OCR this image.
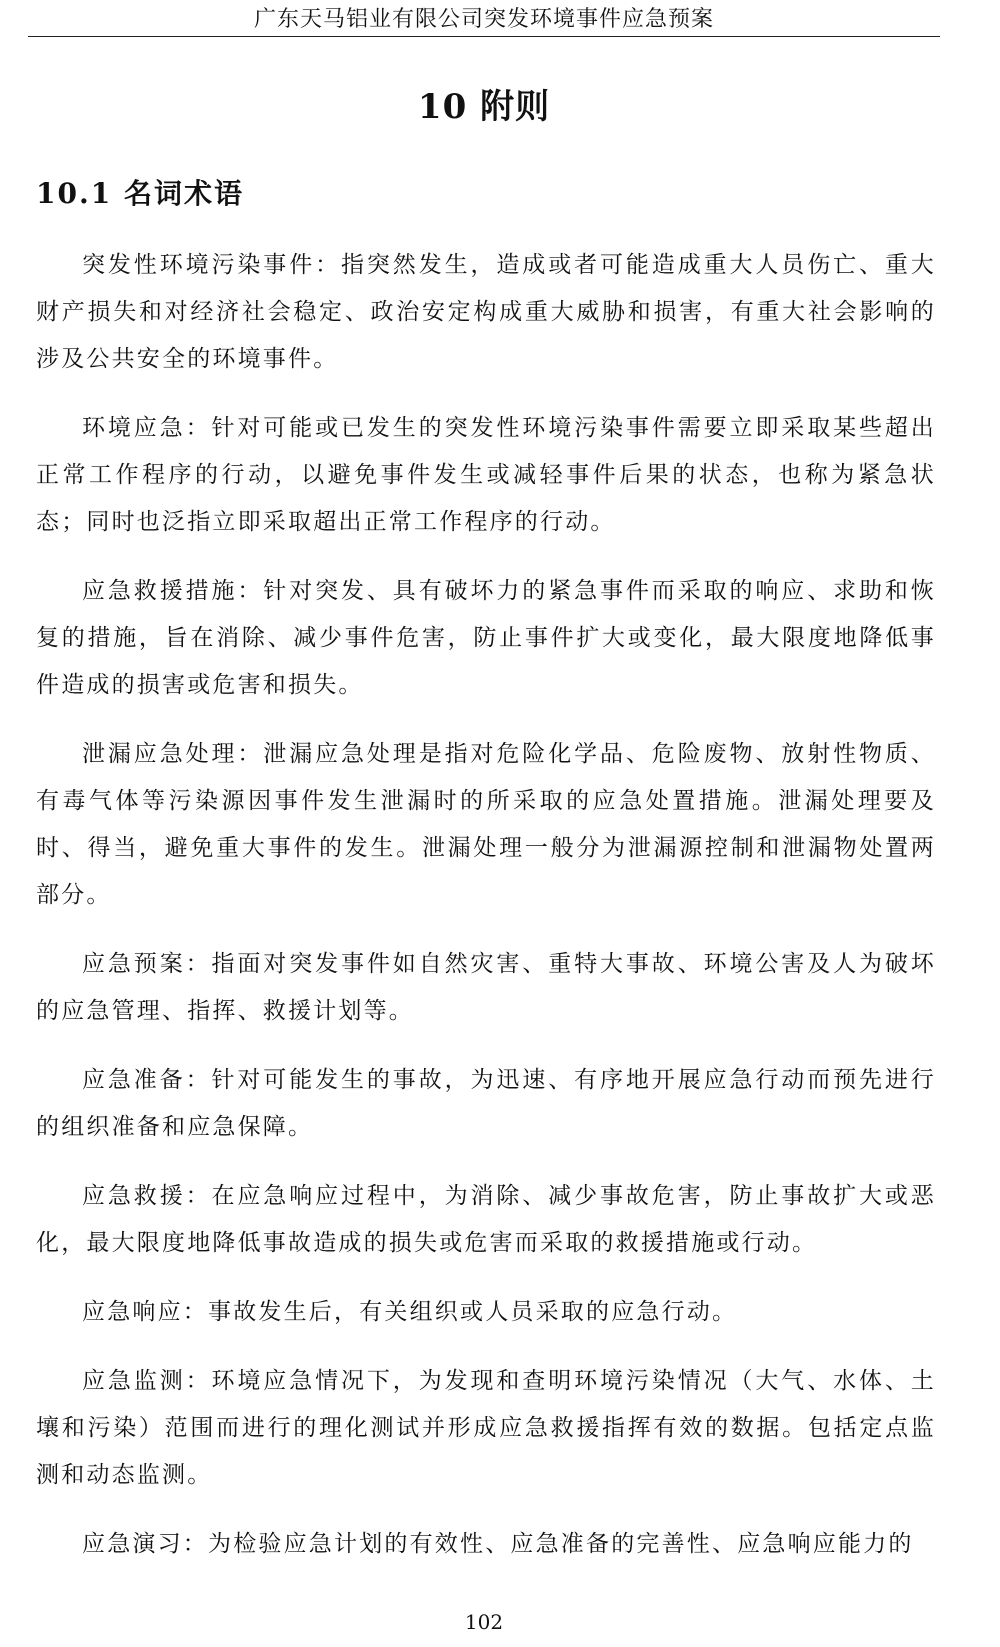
广东天马铝业有限公司突发环境事件应急预案
10 附则
10.1 名词术语

突发性环境污染事件：指突然发生，造成或者可能造成重大人员伤亡、重大财产损失和对经济社会稳定、政治安定构成重大威胁和损害，有重大社会影响的涉及公共安全的环境事件。

环境应急：针对可能或已发生的突发性环境污染事件需要立即采取某些超出正常工作程序的行动，以避免事件发生或减轻事件后果的状态，也称为紧急状态；同时也泛指立即采取超出正常工作程序的行动。

应急救援措施：针对突发、具有破坏力的紧急事件而采取的响应、求助和恢复的措施，旨在消除、减少事件危害，防止事件扩大或变化，最大限度地降低事件造成的损害或危害和损失。

泄漏应急处理：泄漏应急处理是指对危险化学品、危险废物、放射性物质、有毒气体等污染源因事件发生泄漏时的所采取的应急处置措施。泄漏处理要及时、得当，避免重大事件的发生。泄漏处理一般分为泄漏源控制和泄漏物处置两部分。

应急预案：指面对突发事件如自然灾害、重特大事故、环境公害及人为破坏的应急管理、指挥、救援计划等。

应急准备：针对可能发生的事故，为迅速、有序地开展应急行动而预先进行的组织准备和应急保障。

应急救援：在应急响应过程中，为消除、减少事故危害，防止事故扩大或恶化，最大限度地降低事故造成的损失或危害而采取的救援措施或行动。

应急响应：事故发生后，有关组织或人员采取的应急行动。

应急监测：环境应急情况下，为发现和查明环境污染情况（大气、水体、土壤和污染）范围而进行的理化测试并形成应急救援指挥有效的数据。包括定点监测和动态监测。

应急演习：为检验应急计划的有效性、应急准备的完善性、应急响应能力的

102
